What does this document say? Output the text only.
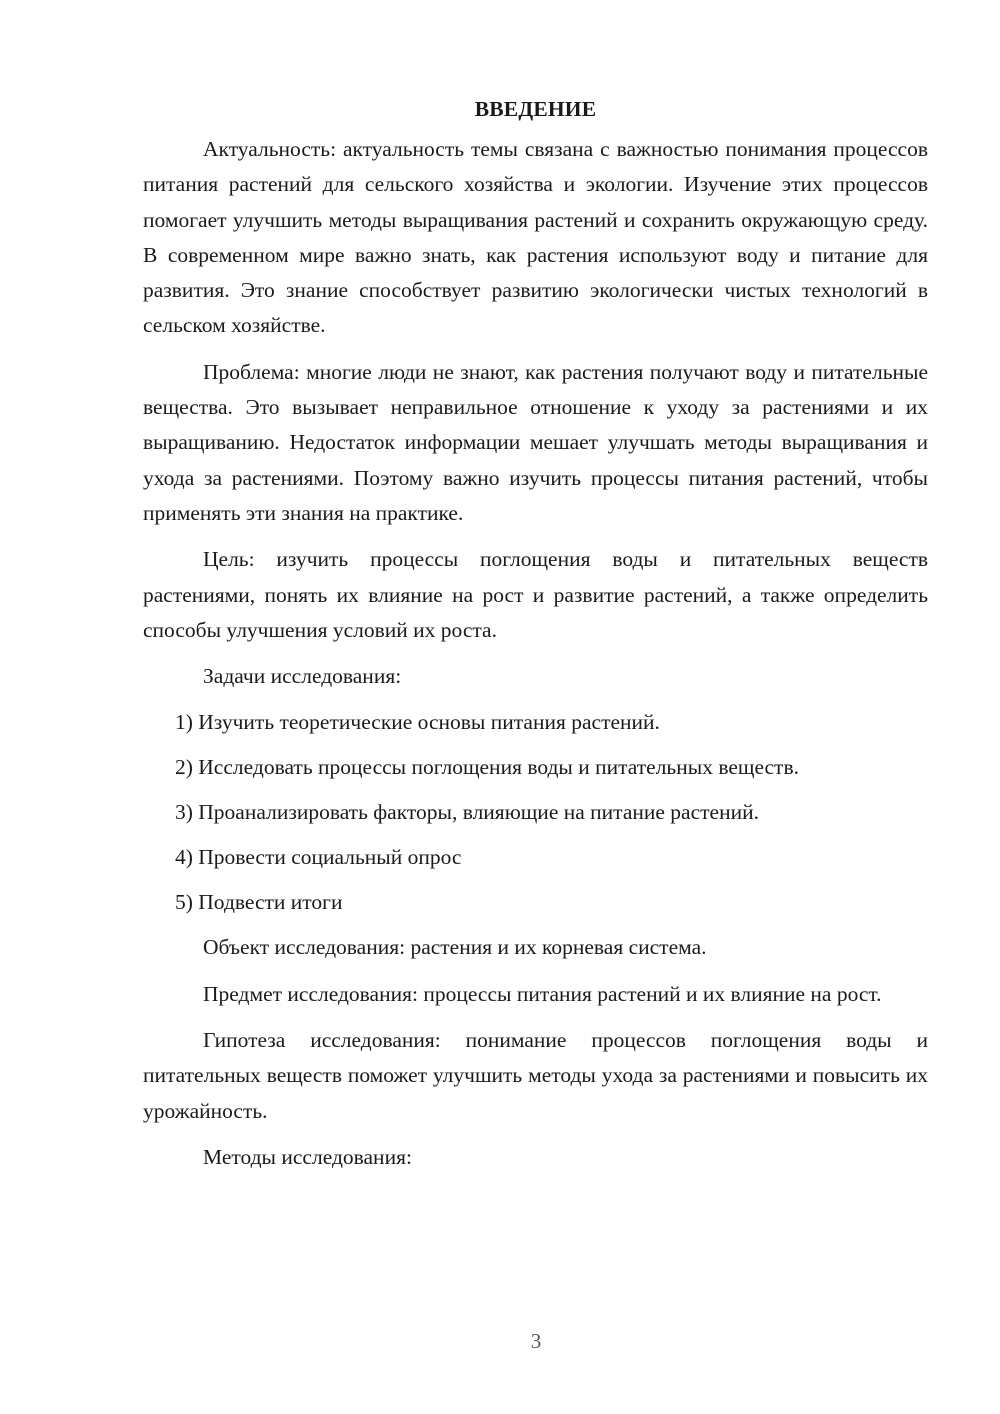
ВВЕДЕНИЕ

Актуальность: актуальность темы связана с важностью понимания процессов питания растений для сельского хозяйства и экологии. Изучение этих процессов помогает улучшить методы выращивания растений и сохранить окружающую среду. В современном мире важно знать, как растения используют воду и питание для развития. Это знание способствует развитию экологически чистых технологий в сельском хозяйстве.

Проблема: многие люди не знают, как растения получают воду и питательные вещества. Это вызывает неправильное отношение к уходу за растениями и их выращиванию. Недостаток информации мешает улучшать методы выращивания и ухода за растениями. Поэтому важно изучить процессы питания растений, чтобы применять эти знания на практике.

Цель: изучить процессы поглощения воды и питательных веществ растениями, понять их влияние на рост и развитие растений, а также определить способы улучшения условий их роста.

Задачи исследования:

1) Изучить теоретические основы питания растений.
2) Исследовать процессы поглощения воды и питательных веществ.
3) Проанализировать факторы, влияющие на питание растений.
4) Провести социальный опрос
5) Подвести итоги

Объект исследования: растения и их корневая система.

Предмет исследования: процессы питания растений и их влияние на рост.

Гипотеза исследования: понимание процессов поглощения воды и питательных веществ поможет улучшить методы ухода за растениями и повысить их урожайность.

Методы исследования:

3
